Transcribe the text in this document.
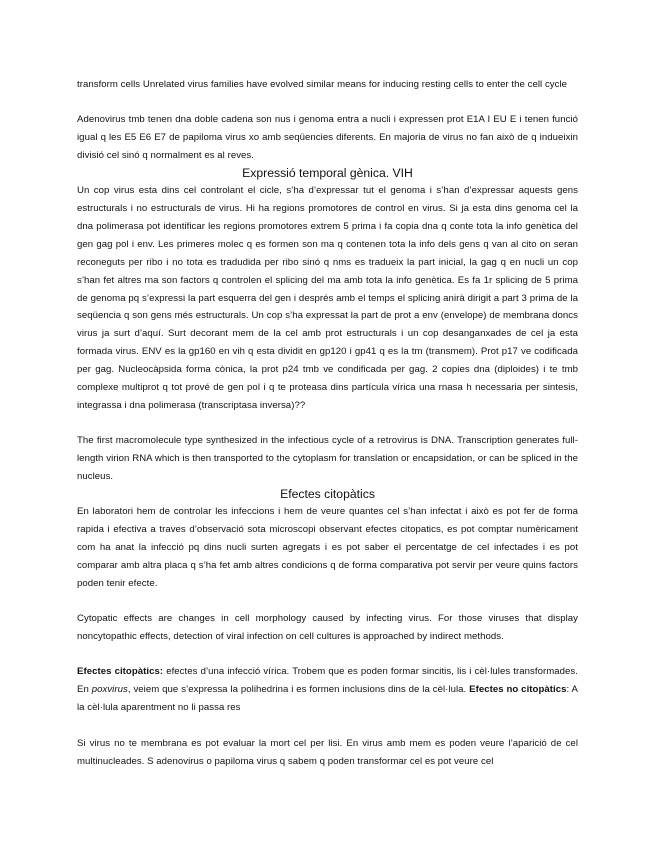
transform cells Unrelated virus families have evolved similar means for inducing resting cells to enter the cell cycle

Adenovirus tmb tenen dna doble cadena son nus i genoma entra a nucli i expressen prot E1A I EU E i tenen funció igual q les E5 E6 E7 de papiloma virus xo amb seqüencies diferents. En majoria de virus no fan això de q indueixin divisió cel sinó q normalment es al reves.

Expressió temporal gènica. VIH

Un cop virus esta dins cel controlant el cicle, s’ha d’expressar tut el genoma i s’han d’expressar aquests gens estructurals i no estructurals de virus. Hi ha regions promotores de control en virus. Si ja esta dins genoma cel la dna polimerasa pot identificar les regions promotores extrem 5 prima i fa copia dna q conte tota la info genètica del gen gag pol i env. Les primeres molec q es formen son ma q contenen tota la info dels gens q van al cito on seran reconeguts per ribo i no tota es tradudida per ribo sinó q nms es tradueix la part inicial, la gag q en nucli un cop s’han fet altres rna son factors q controlen el splicing del ma amb tota la info genètica. Es fa 1r splicing de 5 prima de genoma pq s’expressi la part esquerra del gen i després amb el temps el splicing anirà dirigit a part 3 prima de la seqüencia q son gens més estructurals. Un cop s’ha expressat la part de prot a env (envelope) de membrana doncs virus ja surt d’aquí. Surt decorant mem de la cel amb prot estructurals i un cop desanganxades de cel ja esta formada virus. ENV es la gp160 en vih q esta dividit en gp120 i gp41 q es la tm (transmem). Prot p17 ve codificada per gag. Nucleocàpsida forma cònica, la prot p24 tmb ve condificada per gag. 2 copies dna (diploides) i te tmb complexe multiprot q tot prové de gen pol i q te proteasa dins partícula vírica una rnasa h necessaria per sintesis, integrassa i dna polimerasa (transcriptasa inversa)??

The first macromolecule type synthesized in the infectious cycle of a retrovirus is DNA. Transcription generates full-length virion RNA which is then transported to the cytoplasm for translation or encapsidation, or can be spliced in the nucleus.

Efectes citopàtics

En laboratori hem de controlar les infeccions i hem de veure quantes cel s’han infectat i això es pot fer de forma rapida i efectiva a traves d’observació sota microscopi observant efectes citopatics, es pot comptar numèricament com ha anat la infecció pq dins nucli surten agregats i es pot saber el percentatge de cel infectades i es pot comparar amb altra placa q s’ha fet amb altres condicions q de forma comparativa pot servir per veure quins factors poden tenir efecte.

Cytopatic effects are changes in cell morphology caused by infecting virus. For those viruses that display noncytopathic effects, detection of viral infection on cell cultures is approached by indirect methods.

Efectes citopàtics: efectes d’una infecció vírica. Trobem que es poden formar sincitis, lis i cèl·lules transformades. En poxvirus, veiem que s’expressa la polihedrina i es formen inclusions dins de la cèl·lula. Efectes no citopàtics: A la cèl·lula aparentment no li passa res

Si virus no te membrana es pot evaluar la mort cel per lisi. En virus amb mem es poden veure l’aparició de cel multinucleades. S adenovirus o papiloma virus q sabem q poden transformar cel es pot veure cel
